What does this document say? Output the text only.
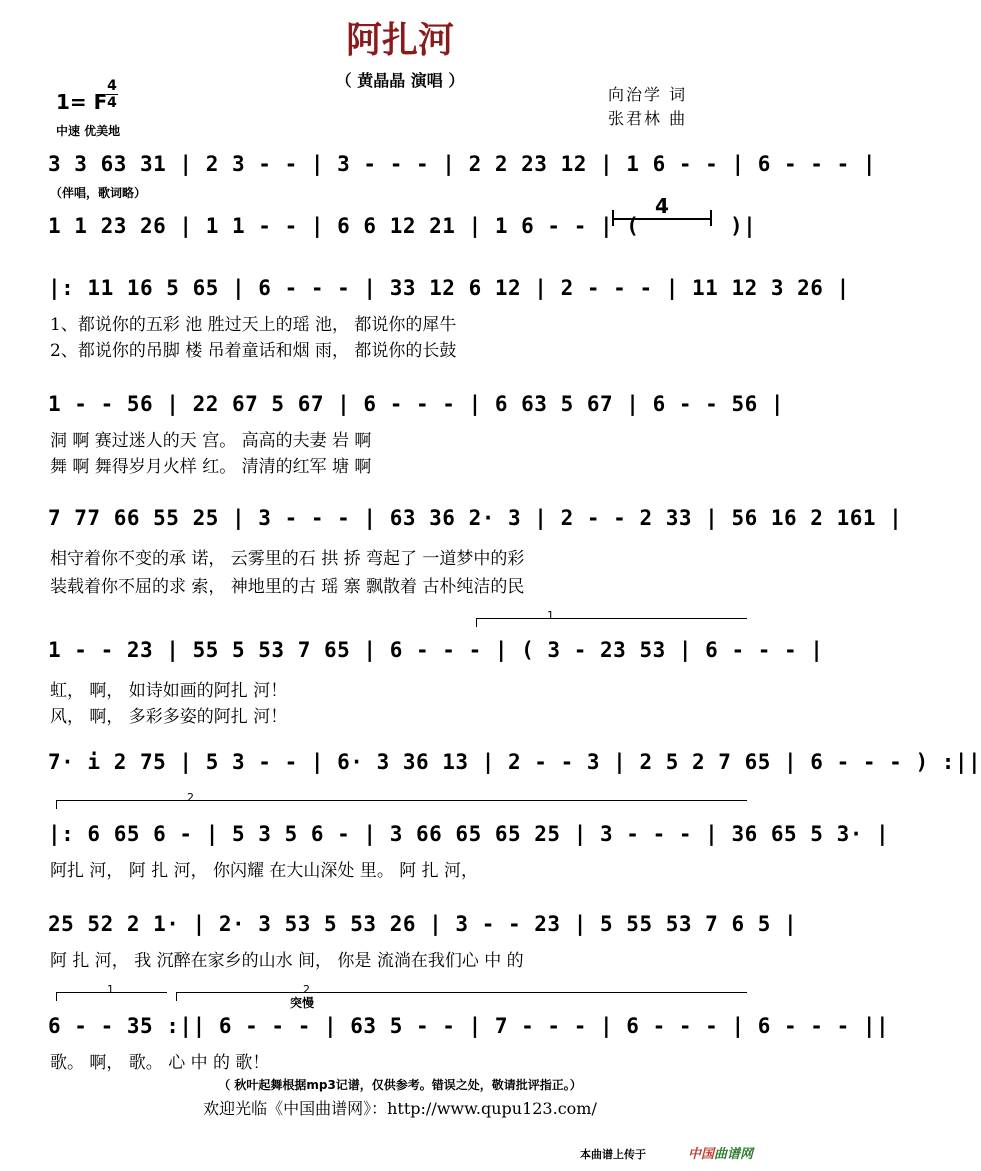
阿扎河
（ 黄晶晶 演唱 ）
向治学 词
张君林 曲
1= F
4
4
中速 优美地
3 3 63 31 | 2 3 - - | 3 - - - | 2 2 23 12 | 1 6 - - | 6 - - - |
（伴唱，歌词略）
1 1 23 26 | 1 1 - - | 6 6 12 21 | 1 6 - - | (
4
)|
|: 11 16 5 65 | 6 - - - | 33 12 6 12 | 2 - - - | 11 12 3 26 |
1、都说你的五彩 池 胜过天上的瑶 池， 都说你的犀牛
2、都说你的吊脚 楼 吊着童话和烟 雨， 都说你的长鼓
1 - - 56 | 22 67 5 67 | 6 - - - | 6 63 5 67 | 6 - - 56 |
洞 啊 赛过迷人的天 宫。 高高的夫妻 岩 啊
舞 啊 舞得岁月火样 红。 清清的红军 塘 啊
7 77 66 55 25 | 3 - - - | 63 36 2· 3 | 2 - - 2 33 | 56 16 2 161 |
相守着你不变的承 诺， 云雾里的石 拱 挢 弯起了 一道梦中的彩
装载着你不屈的求 索， 神地里的古 瑶 寨 飘散着 古朴纯洁的民
1
1 - - 23 | 55 5 53 7 65 | 6 - - - | ( 3 - 23 53 | 6 - - - |
虹， 啊， 如诗如画的阿扎 河！
风， 啊， 多彩多姿的阿扎 河！
7· i 2 75 | 5 3 - - | 6· 3 36 13 | 2 - - 3 | 2 5 2 7 65 | 6 - - - ) :||
2
|: 6 65 6 - | 5 3 5 6 - | 3 66 65 65 25 | 3 - - - | 36 65 5 3· |
阿扎 河， 阿 扎 河， 你闪耀 在大山深处 里。 阿 扎 河，
25 52 2 1· | 2· 3 53 5 53 26 | 3 - - 23 | 5 55 53 7 6 5 |
阿 扎 河， 我 沉醉在家乡的山水 间， 你是 流淌在我们心 中 的
1	2
突慢
6 - - 35 :|| 6 - - - | 63 5 - - | 7 - - - | 6 - - - | 6 - - - ||
歌。 啊， 歌。 心 中 的 歌！
（ 秋叶起舞根据mp3记谱，仅供参考。错误之处，敬请批评指正。）
欢迎光临《中国曲谱网》：http://www.qupu123.com/
本曲谱上传于	中国曲谱网
